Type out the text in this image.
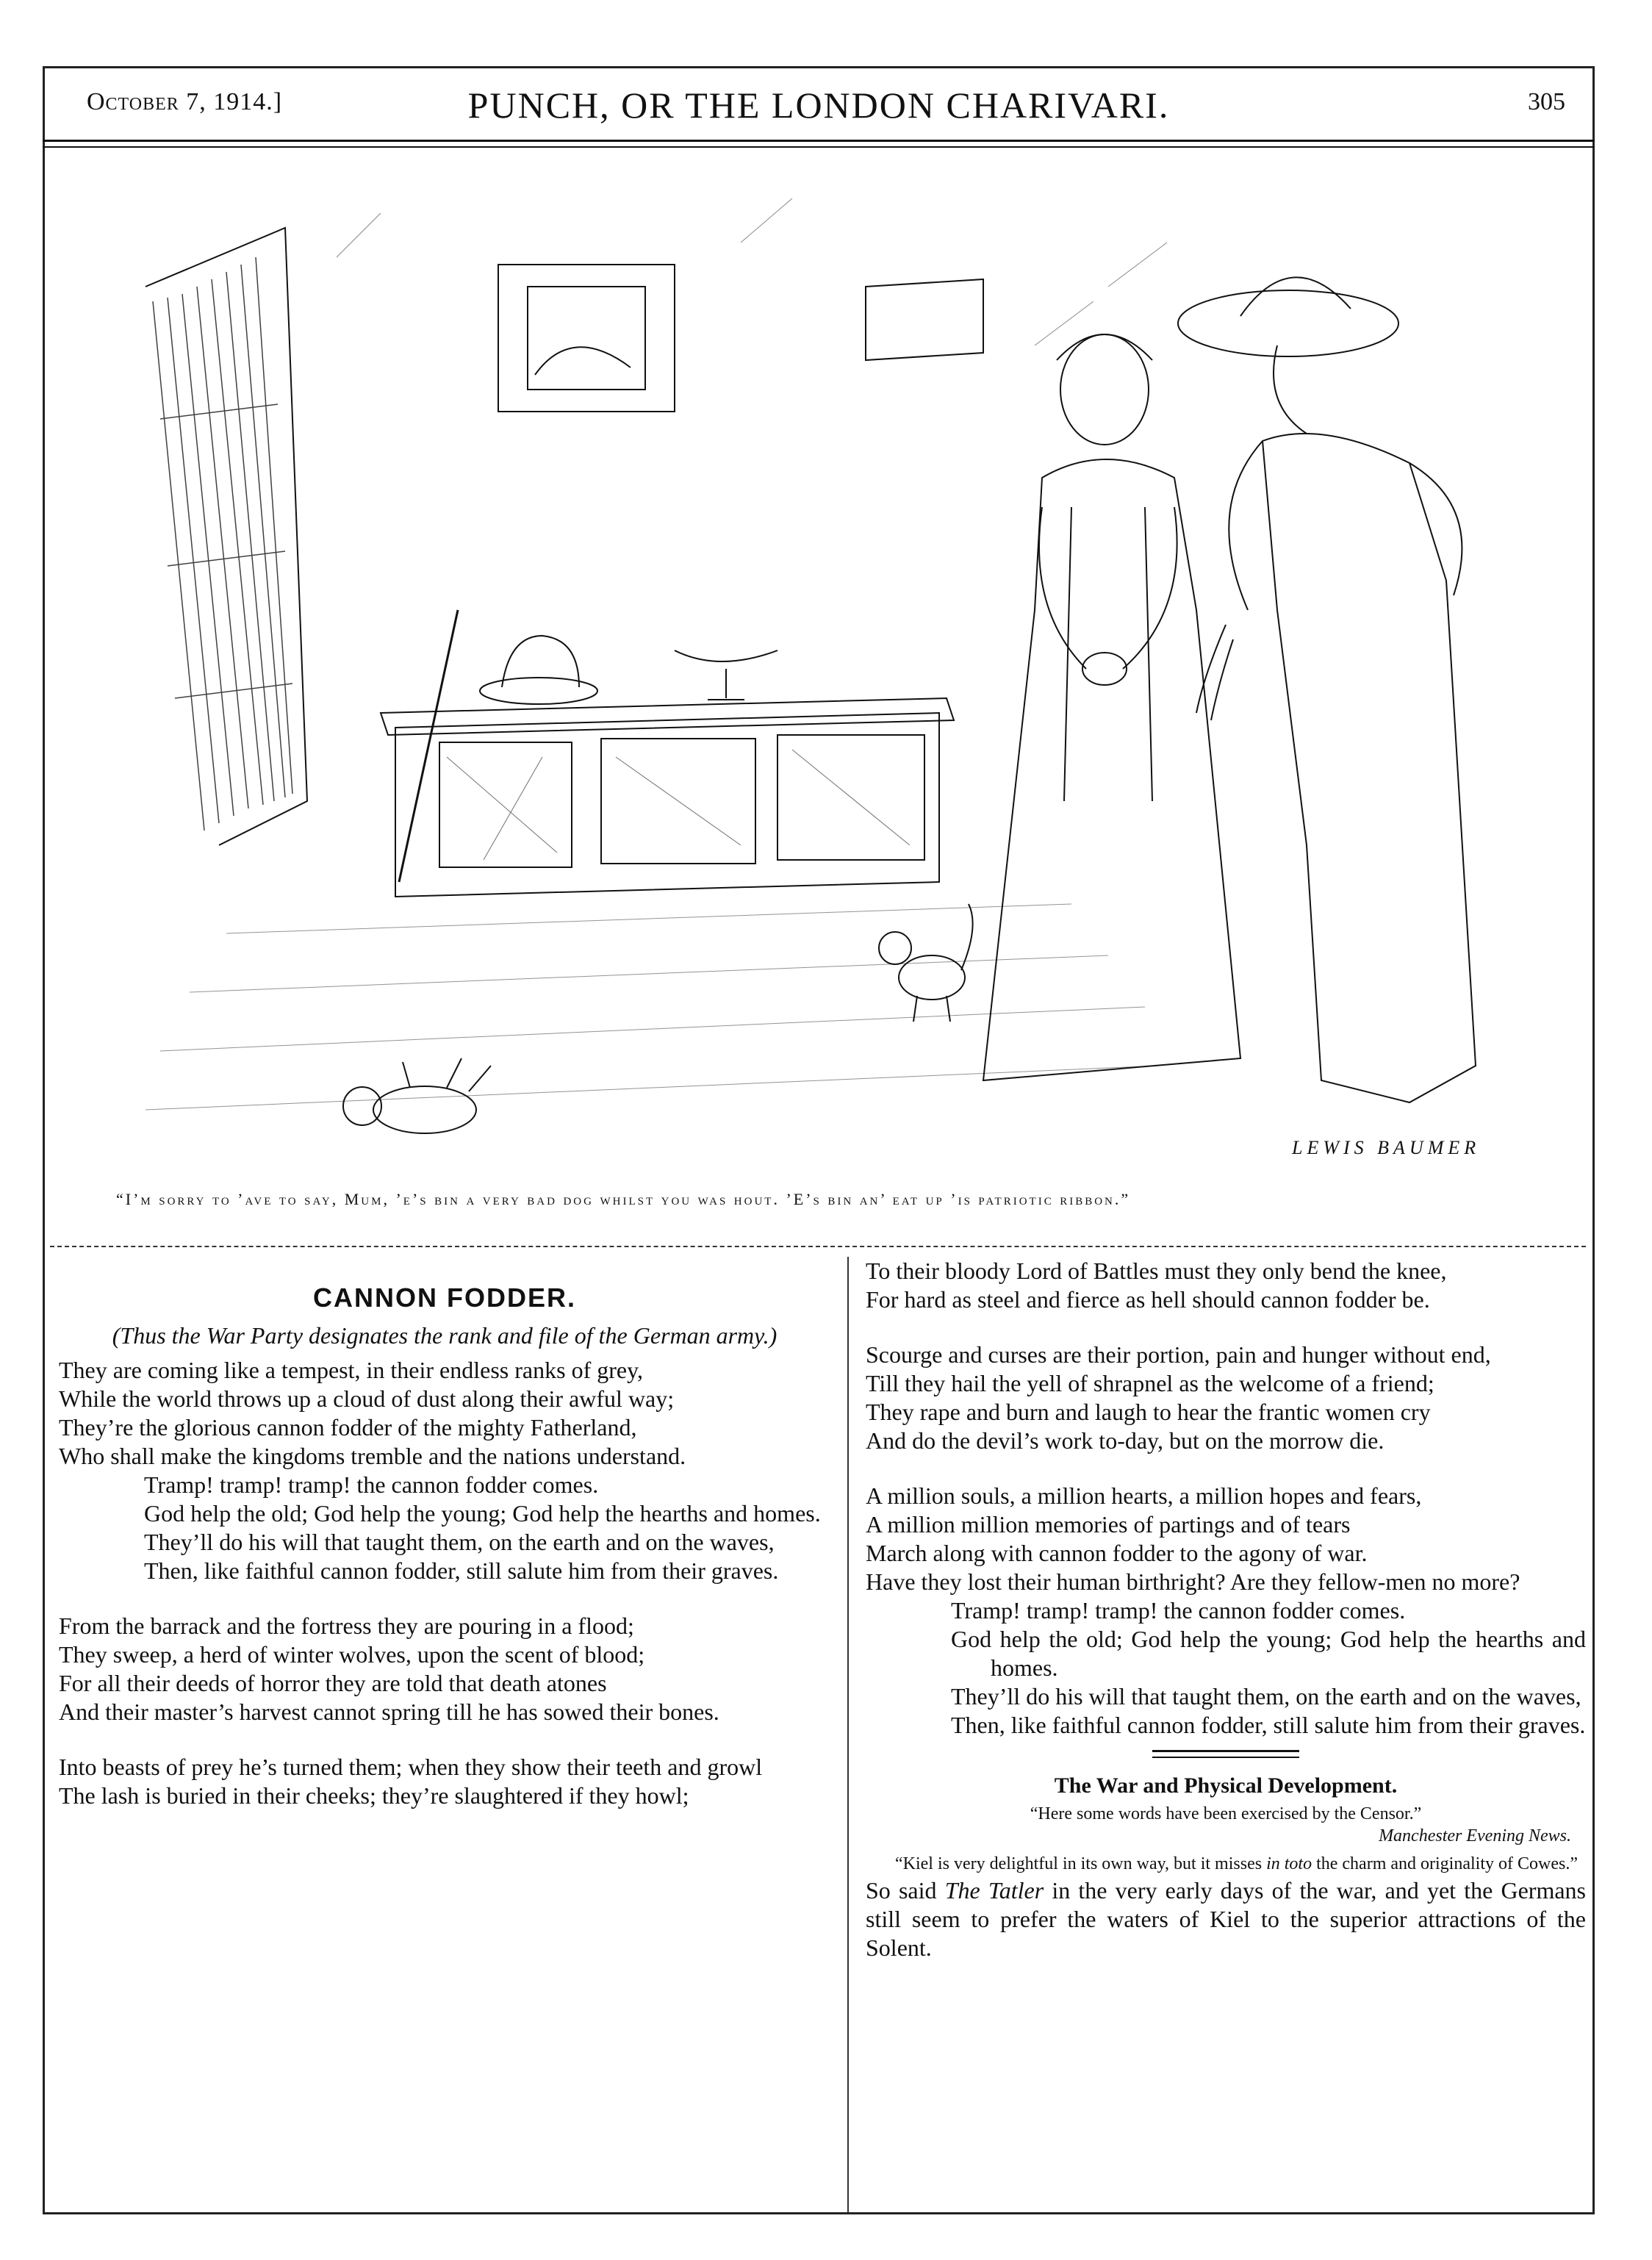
October 7, 1914.]	PUNCH, OR THE LONDON CHARIVARI.	305
LEWIS BAUMER
“I’m sorry to ’ave to say, Mum, ’e’s bin a very bad dog whilst you was hout. ’E’s bin an’ eat up ’is patriotic ribbon.”
CANNON FODDER.
(Thus the War Party designates the rank and file of the German army.)
They are coming like a tempest, in their endless ranks of grey,
While the world throws up a cloud of dust along their awful way;
They’re the glorious cannon fodder of the mighty Fatherland,
Who shall make the kingdoms tremble and the nations understand.
Tramp! tramp! tramp! the cannon fodder comes.
God help the old; God help the young; God help the hearths and homes.
They’ll do his will that taught them, on the earth and on the waves,
Then, like faithful cannon fodder, still salute him from their graves.
From the barrack and the fortress they are pouring in a flood;
They sweep, a herd of winter wolves, upon the scent of blood;
For all their deeds of horror they are told that death atones
And their master’s harvest cannot spring till he has sowed their bones.
Into beasts of prey he’s turned them; when they show their teeth and growl
The lash is buried in their cheeks; they’re slaughtered if they howl;
To their bloody Lord of Battles must they only bend the knee,
For hard as steel and fierce as hell should cannon fodder be.
Scourge and curses are their portion, pain and hunger without end,
Till they hail the yell of shrapnel as the welcome of a friend;
They rape and burn and laugh to hear the frantic women cry
And do the devil’s work to-day, but on the morrow die.
A million souls, a million hearts, a million hopes and fears,
A million million memories of partings and of tears
March along with cannon fodder to the agony of war.
Have they lost their human birthright? Are they fellow-men no more?
Tramp! tramp! tramp! the cannon fodder comes.
God help the old; God help the young; God help the hearths and homes.
They’ll do his will that taught them, on the earth and on the waves,
Then, like faithful cannon fodder, still salute him from their graves.
The War and Physical Development.
“Here some words have been exercised by the Censor.”
Manchester Evening News.
“Kiel is very delightful in its own way, but it misses in toto the charm and originality of Cowes.”
So said The Tatler in the very early days of the war, and yet the Germans still seem to prefer the waters of Kiel to the superior attractions of the Solent.
